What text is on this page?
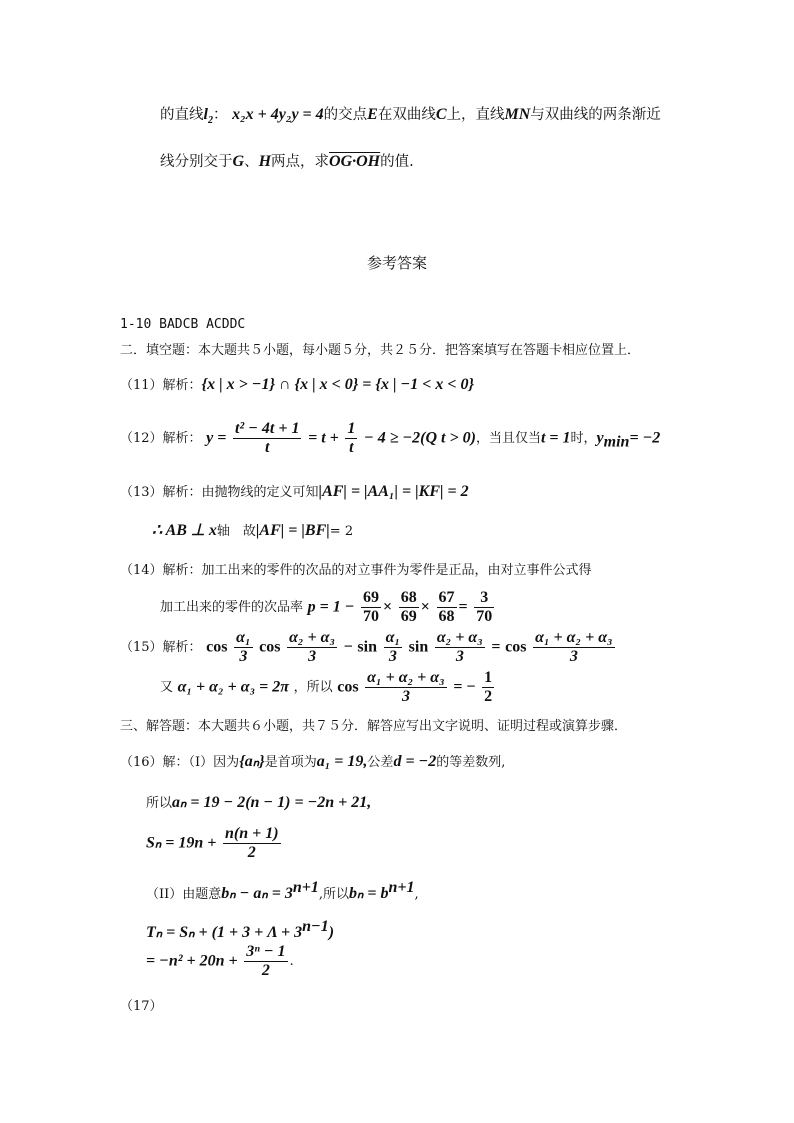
的直线$l_2$： x₂x + 4y₂y = 4的交点E在双曲线C上，直线MN与双曲线的两条渐近
线分别交于G、H两点，求OG·OH的值.
参考答案
1-10 BADCB ACDDC
二．填空题：本大题共５小题，每小题５分，共２５分．把答案填写在答题卡相应位置上．
（11）解析：{x | x > −1} ∩ {x | x < 0} = {x | −1 < x < 0}
（12）解析： $y = \frac{\text{t² − 4t + 1}}{t} = t + \frac{1}{t} - 4 \ge -2(Q$ t > 0)，当且仅当t = 1时，$y_{min}= -2$
（13）解析：由抛物线的定义可知|AF| = |AA₁| = |KF| = 2
∴ AB ⊥ x轴　故|AF| = |BF|= 2
（14）解析：加工出来的零件的次品的对立事件为零件是正品，由对立事件公式得
加工出来的零件的次品率 $p = 1 - \frac{69}{70} \times \frac{68}{69} \times \frac{67}{68} = \frac{3}{70}$
（15）解析： $\cos \frac{\text{α₁}}{3}$ $\cos \frac{\text{α₂ + α₃}}{3} - \sin \frac{\text{α₁}}{3}$ $\sin \frac{\text{α₂ + α₃}}{3} = \cos \frac{\text{α₁ + α₂ + α₃}}{3}$
又 α₁ + α₂ + α₃ = 2π ，所以 $\cos \frac{\text{α₁ + α₂ + α₃}}{3}$ = − $\frac{1}{2}$
三、解答题：本大题共６小题，共７５分．解答应写出文字说明、证明过程或演算步骤．
（16）解：（I）因为{aₙ}是首项为a₁ = 19,公差d = −2的等差数列,
所以aₙ = 19 − 2(n − 1) = −2n + 21,
$S_n = 19n + \frac{n(n + 1)}{2}$
（II）由题意$b_n - a_n = 3^{n+1}$,所以$b_n = b^{n+1}$,
$T_n = S_n + (1 + 3 + \Lambda + 3^{n-1})$
= $-n^2 + 20n + \frac{\text{3ⁿ − 1}}{2}$ .
（17）
